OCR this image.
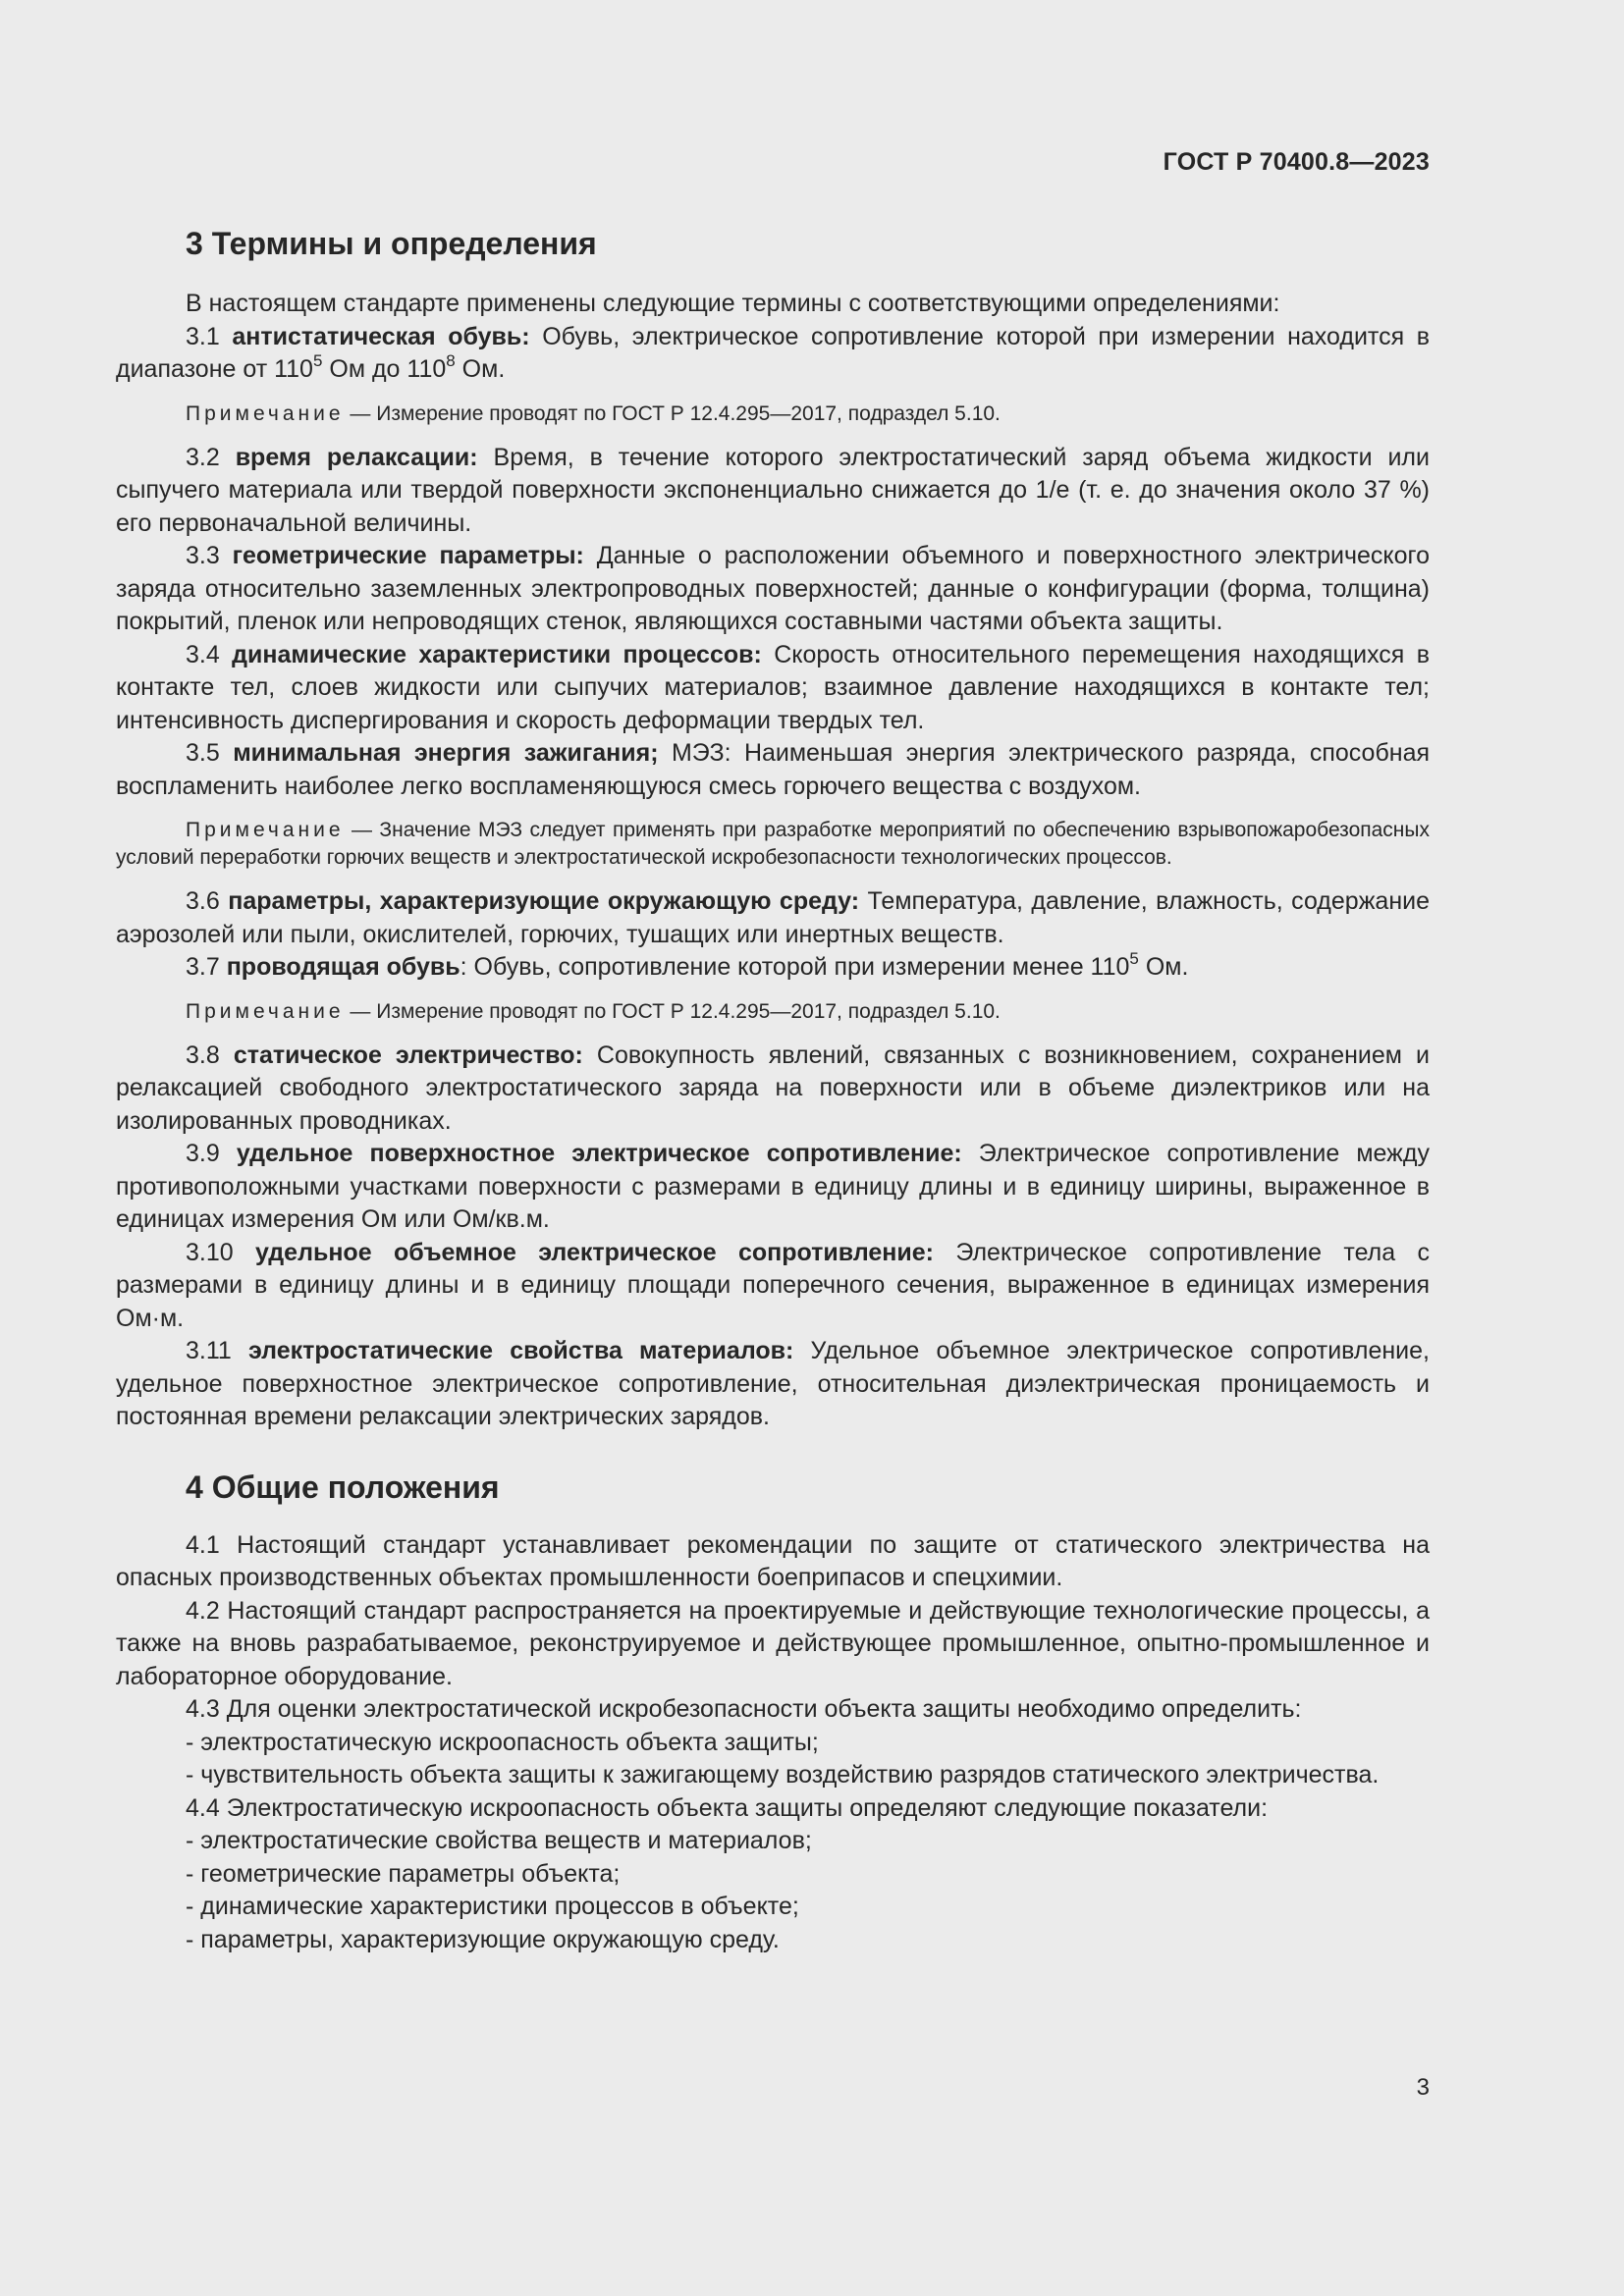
ГОСТ Р 70400.8—2023
3 Термины и определения

В настоящем стандарте применены следующие термины с соответствующими определениями:

3.1 антистатическая обувь: Обувь, электрическое сопротивление которой при измерении находится в диапазоне от $110^5$ Ом до $110^8$ Ом.

Примечание — Измерение проводят по ГОСТ Р 12.4.295—2017, подраздел 5.10.

3.2 время релаксации: Время, в течение которого электростатический заряд объема жидкости или сыпучего материала или твердой поверхности экспоненциально снижается до 1/е (т. е. до значения около 37 %) его первоначальной величины.

3.3 геометрические параметры: Данные о расположении объемного и поверхностного электрического заряда относительно заземленных электропроводных поверхностей; данные о конфигурации (форма, толщина) покрытий, пленок или непроводящих стенок, являющихся составными частями объекта защиты.

3.4 динамические характеристики процессов: Скорость относительного перемещения находящихся в контакте тел, слоев жидкости или сыпучих материалов; взаимное давление находящихся в контакте тел; интенсивность диспергирования и скорость деформации твердых тел.

3.5 минимальная энергия зажигания; МЭЗ: Наименьшая энергия электрического разряда, способная воспламенить наиболее легко воспламеняющуюся смесь горючего вещества с воздухом.

Примечание — Значение МЭЗ следует применять при разработке мероприятий по обеспечению взрывопожаробезопасных условий переработки горючих веществ и электростатической искробезопасности технологических процессов.

3.6 параметры, характеризующие окружающую среду: Температура, давление, влажность, содержание аэрозолей или пыли, окислителей, горючих, тушащих или инертных веществ.

3.7 проводящая обувь: Обувь, сопротивление которой при измерении менее $110^5$ Ом.

Примечание — Измерение проводят по ГОСТ Р 12.4.295—2017, подраздел 5.10.

3.8 статическое электричество: Совокупность явлений, связанных с возникновением, сохранением и релаксацией свободного электростатического заряда на поверхности или в объеме диэлектриков или на изолированных проводниках.

3.9 удельное поверхностное электрическое сопротивление: Электрическое сопротивление между противоположными участками поверхности с размерами в единицу длины и в единицу ширины, выраженное в единицах измерения Ом или Ом/кв.м.

3.10 удельное объемное электрическое сопротивление: Электрическое сопротивление тела с размерами в единицу длины и в единицу площади поперечного сечения, выраженное в единицах измерения Ом·м.

3.11 электростатические свойства материалов: Удельное объемное электрическое сопротивление, удельное поверхностное электрическое сопротивление, относительная диэлектрическая проницаемость и постоянная времени релаксации электрических зарядов.

4 Общие положения

4.1 Настоящий стандарт устанавливает рекомендации по защите от статического электричества на опасных производственных объектах промышленности боеприпасов и спецхимии.

4.2 Настоящий стандарт распространяется на проектируемые и действующие технологические процессы, а также на вновь разрабатываемое, реконструируемое и действующее промышленное, опытно-промышленное и лабораторное оборудование.

4.3 Для оценки электростатической искробезопасности объекта защиты необходимо определить:

- электростатическую искроопасность объекта защиты;

- чувствительность объекта защиты к зажигающему воздействию разрядов статического электричества.

4.4 Электростатическую искроопасность объекта защиты определяют следующие показатели:

- электростатические свойства веществ и материалов;

- геометрические параметры объекта;

- динамические характеристики процессов в объекте;

- параметры, характеризующие окружающую среду.

3
